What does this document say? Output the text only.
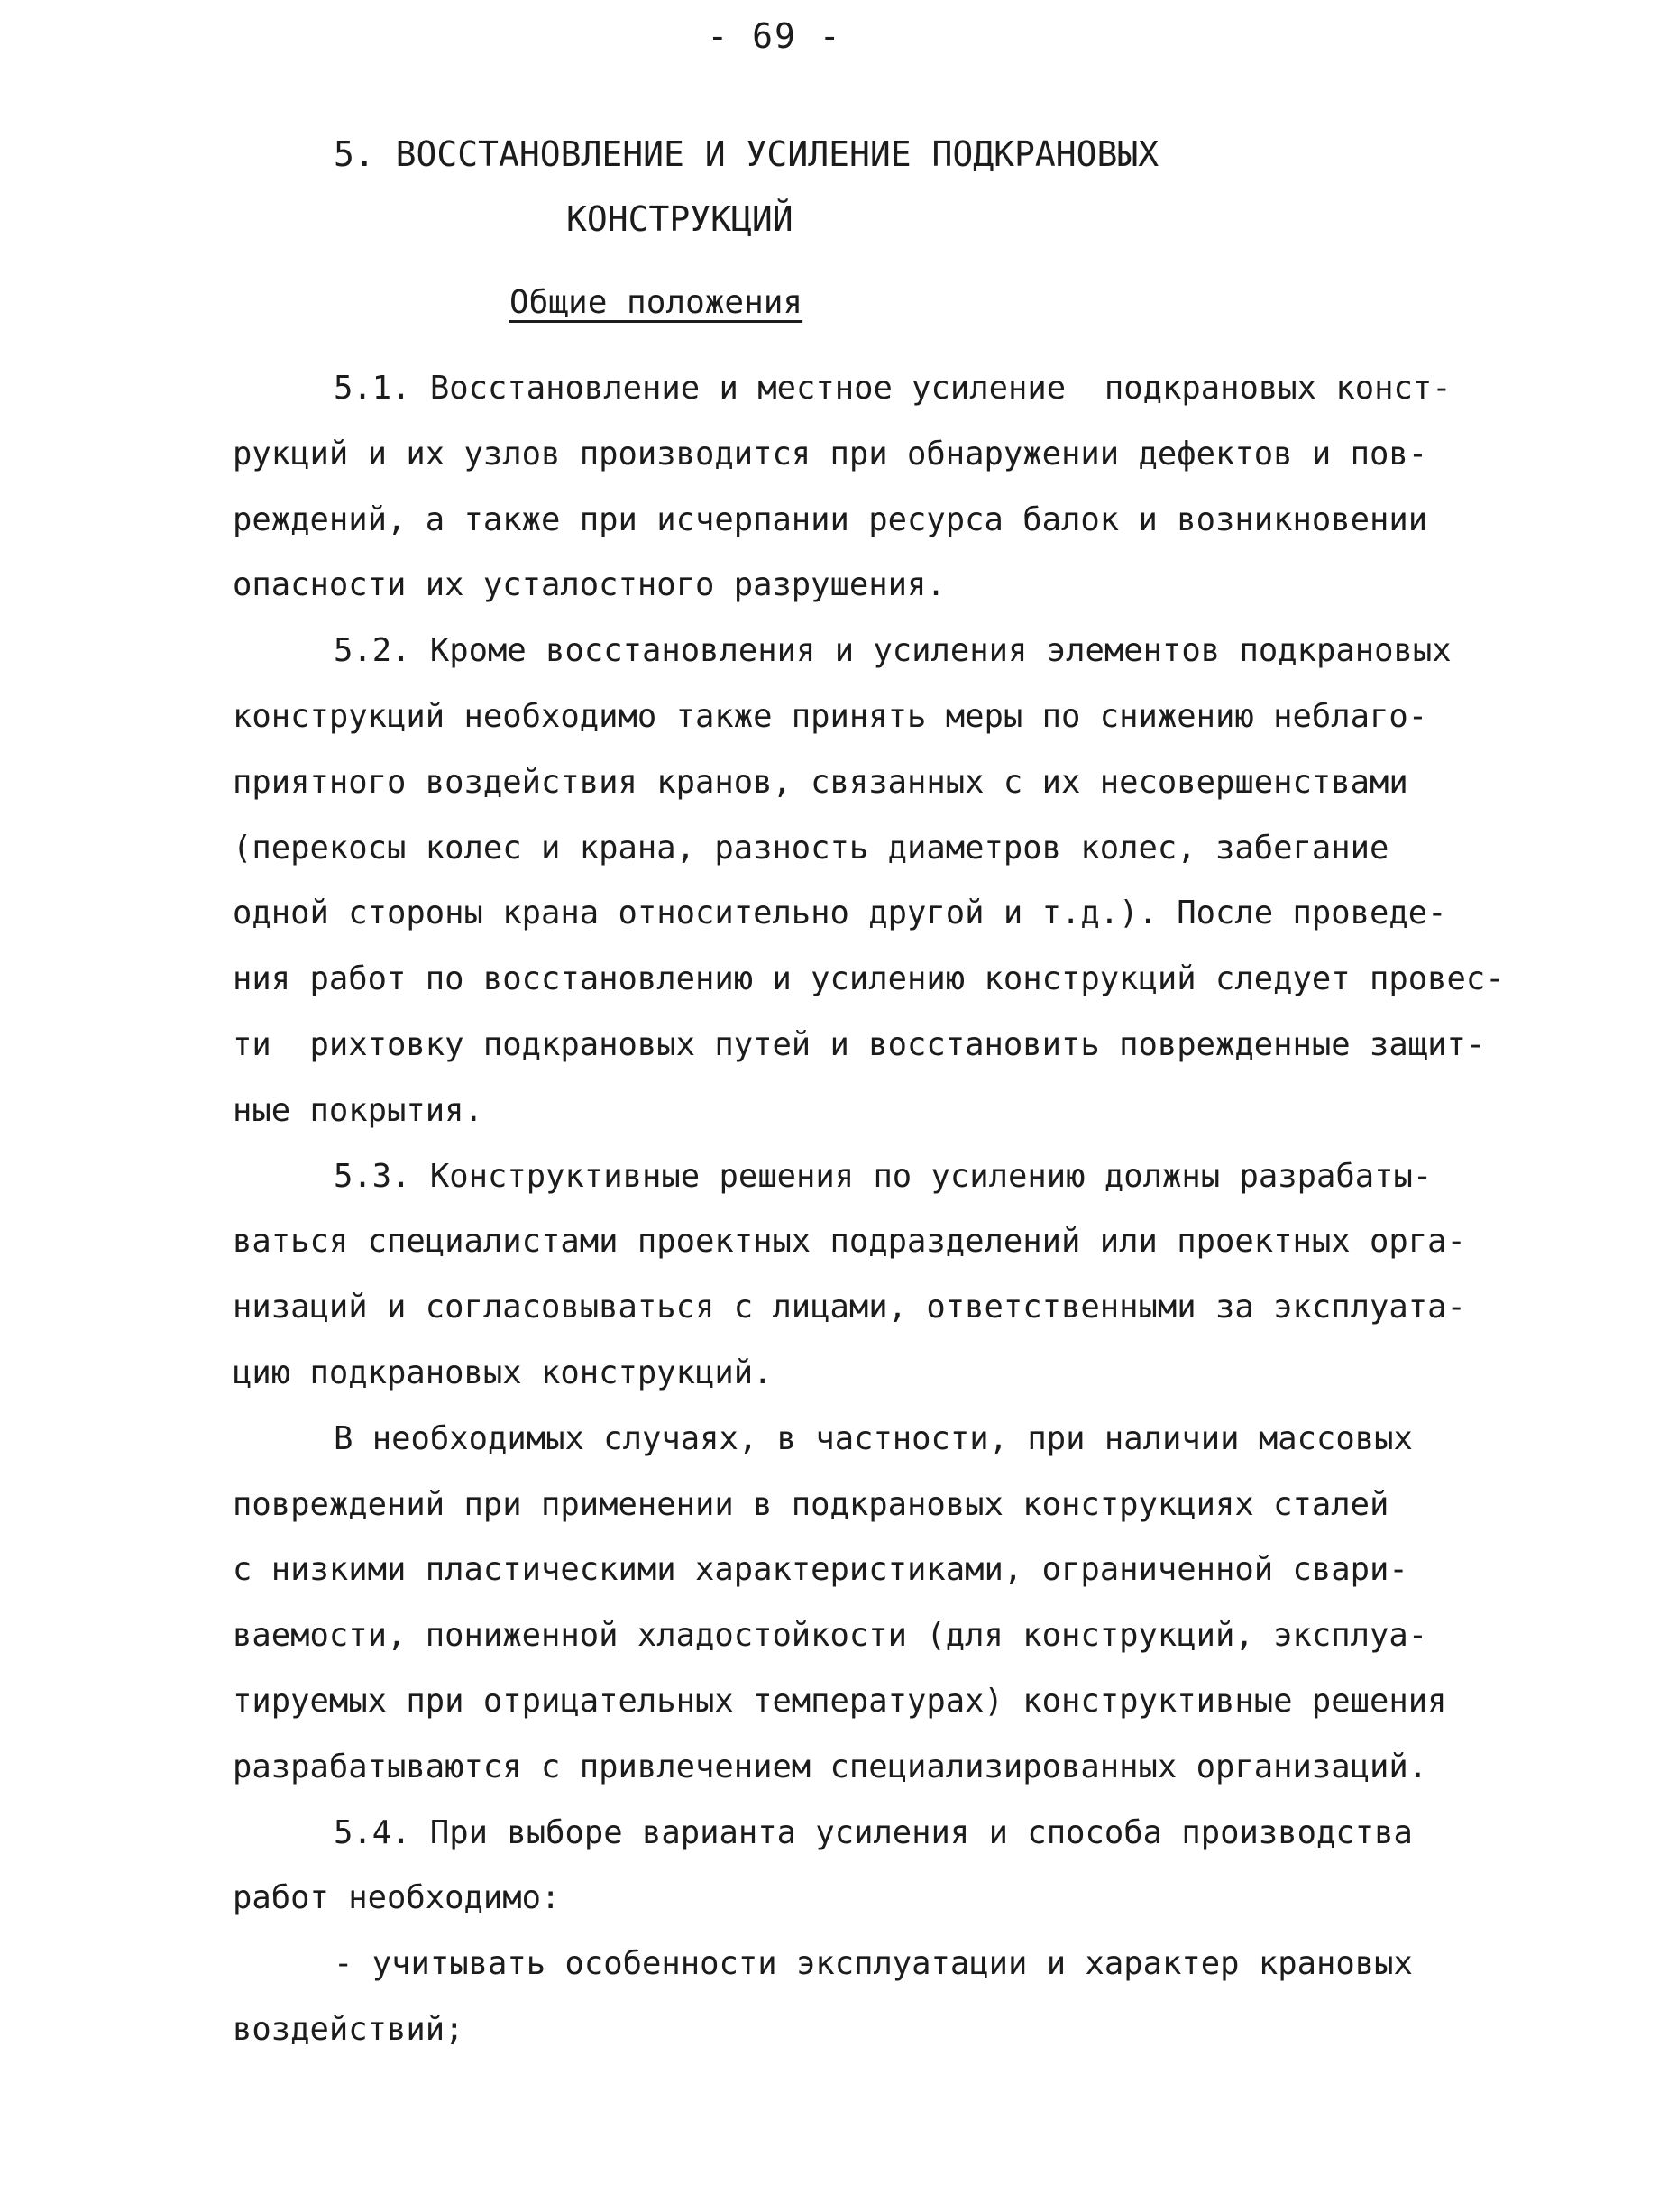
- 69 -
5. ВОССТАНОВЛЕНИЕ И УСИЛЕНИЕ ПОДКРАНОВЫХ
КОНСТРУКЦИЙ
Общие положения

5.1. Восстановление и местное усиление  подкрановых конст-
рукций и их узлов производится при обнаружении дефектов и пов-
реждений, а также при исчерпании ресурса балок и возникновении
опасности их усталостного разрушения.

5.2. Кроме восстановления и усиления элементов подкрановых
конструкций необходимо также принять меры по снижению неблаго-
приятного воздействия кранов, связанных с их несовершенствами
(перекосы колес и крана, разность диаметров колес, забегание
одной стороны крана относительно другой и т.д.). После проведе-
ния работ по восстановлению и усилению конструкций следует провес-
ти  рихтовку подкрановых путей и восстановить поврежденные защит-
ные покрытия.

5.3. Конструктивные решения по усилению должны разрабаты-
ваться специалистами проектных подразделений или проектных орга-
низаций и согласовываться с лицами, ответственными за эксплуата-
цию подкрановых конструкций.

В необходимых случаях, в частности, при наличии массовых
повреждений при применении в подкрановых конструкциях сталей
с низкими пластическими характеристиками, ограниченной свари-
ваемости, пониженной хладостойкости (для конструкций, эксплуа-
тируемых при отрицательных температурах) конструктивные решения
разрабатываются с привлечением специализированных организаций.

5.4. При выборе варианта усиления и способа производства
работ необходимо:

- учитывать особенности эксплуатации и характер крановых
воздействий;
